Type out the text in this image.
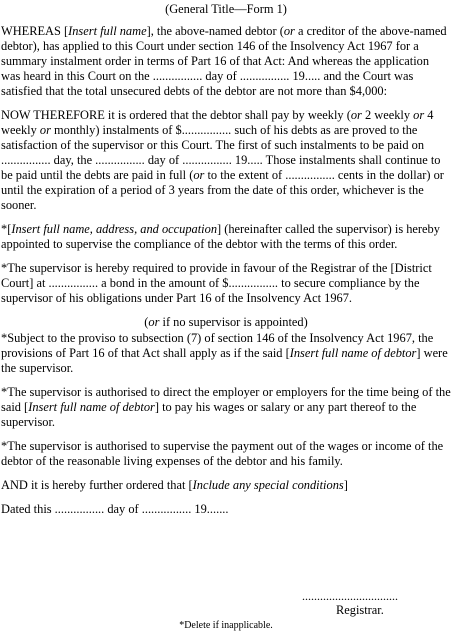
(General Title—Form 1)

WHEREAS [Insert full name], the above-named debtor (or a creditor of the above-named debtor), has applied to this Court under section 146 of the Insolvency Act 1967 for a summary instalment order in terms of Part 16 of that Act: And whereas the application was heard in this Court on the ................ day of ................ 19..... and the Court was satisfied that the total unsecured debts of the debtor are not more than $4,000:

NOW THEREFORE it is ordered that the debtor shall pay by weekly (or 2 weekly or 4 weekly or monthly) instalments of $................ such of his debts as are proved to the satisfaction of the supervisor or this Court. The first of such instalments to be paid on ................ day, the ................ day of ................ 19..... Those instalments shall continue to be paid until the debts are paid in full (or to the extent of ................ cents in the dollar) or until the expiration of a period of 3 years from the date of this order, whichever is the sooner.

*[Insert full name, address, and occupation] (hereinafter called the supervisor) is hereby appointed to supervise the compliance of the debtor with the terms of this order.

*The supervisor is hereby required to provide in favour of the Registrar of the [District Court] at ................ a bond in the amount of $................ to secure compliance by the supervisor of his obligations under Part 16 of the Insolvency Act 1967.

(or if no supervisor is appointed)

*Subject to the proviso to subsection (7) of section 146 of the Insolvency Act 1967, the provisions of Part 16 of that Act shall apply as if the said [Insert full name of debtor] were the supervisor.

*The supervisor is authorised to direct the employer or employers for the time being of the said [Insert full name of debtor] to pay his wages or salary or any part thereof to the supervisor.

*The supervisor is authorised to supervise the payment out of the wages or income of the debtor of the reasonable living expenses of the debtor and his family.

AND it is hereby further ordered that [Include any special conditions]

Dated this ................ day of ................ 19.......

................................
Registrar.
*Delete if inapplicable.
